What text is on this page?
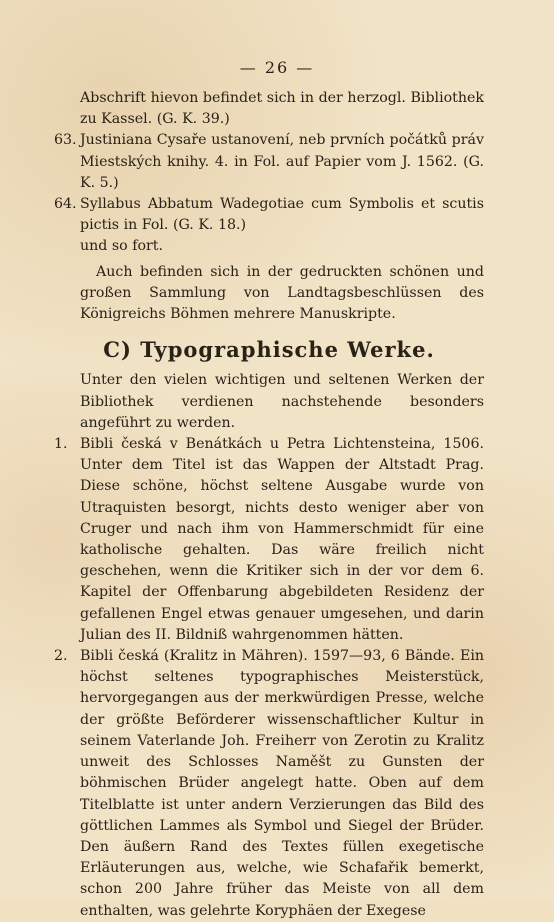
— 26 —

Abschrift hievon befindet sich in der herzogl. Bibliothek zu Kassel. (G. K. 39.)

63. Justiniana Cysaře ustanovení, neb prvních počátků práv Miestských knihy. 4. in Fol. auf Papier vom J. 1562. (G. K. 5.)
64. Syllabus Abbatum Wadegotiae cum Symbolis et scutis pictis in Fol. (G. K. 18.)

und so fort.

Auch befinden sich in der gedruckten schönen und großen Sammlung von Landtagsbeschlüssen des Königreichs Böhmen mehrere Manuskripte.

C) Typographische Werke.

Unter den vielen wichtigen und seltenen Werken der Bibliothek verdienen nachstehende besonders angeführt zu werden.

1. Bibli česká v Benátkách u Petra Lichtensteina, 1506. Unter dem Titel ist das Wappen der Altstadt Prag. Diese schöne, höchst seltene Ausgabe wurde von Utraquisten besorgt, nichts desto weniger aber von Cruger und nach ihm von Hammerschmidt für eine katholische gehalten. Das wäre freilich nicht geschehen, wenn die Kritiker sich in der vor dem 6. Kapitel der Offenbarung abgebildeten Residenz der gefallenen Engel etwas genauer umgesehen, und darin Julian des II. Bildniß wahrgenommen hätten.
2. Bibli česká (Kralitz in Mähren). 1597—93, 6 Bände. Ein höchst seltenes typographisches Meisterstück, hervorgegangen aus der merkwürdigen Presse, welche der größte Beförderer wissenschaftlicher Kultur in seinem Vaterlande Joh. Freiherr von Zerotin zu Kralitz unweit des Schlosses Naměšt zu Gunsten der böhmischen Brüder angelegt hatte. Oben auf dem Titelblatte ist unter andern Verzierungen das Bild des göttlichen Lammes als Symbol und Siegel der Brüder. Den äußern Rand des Textes füllen exegetische Erläuterungen aus, welche, wie Schafařik bemerkt, schon 200 Jahre früher das Meiste von all dem enthalten, was gelehrte Koryphäen der Exegese
